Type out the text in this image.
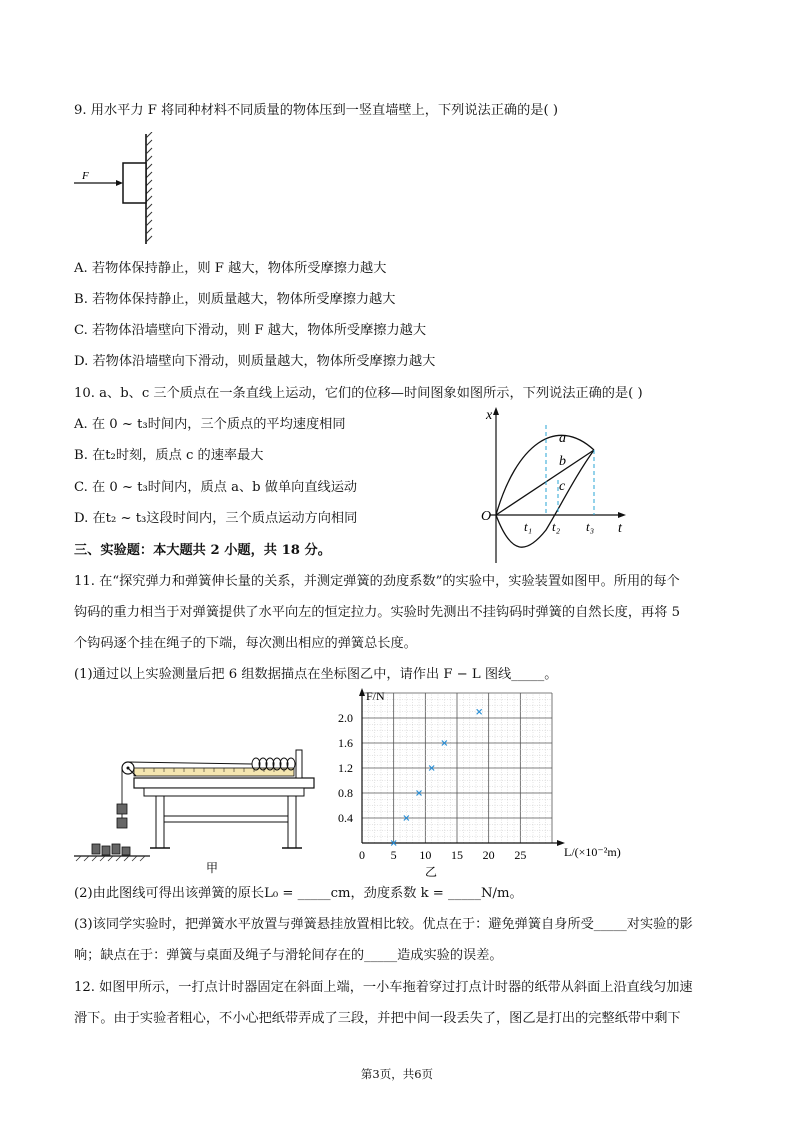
9. 用水平力 F 将同种材料不同质量的物体压到一竖直墙壁上，下列说法正确的是( )
F
A. 若物体保持静止，则 F 越大，物体所受摩擦力越大
B. 若物体保持静止，则质量越大，物体所受摩擦力越大
C. 若物体沿墙壁向下滑动，则 F 越大，物体所受摩擦力越大
D. 若物体沿墙壁向下滑动，则质量越大，物体所受摩擦力越大
10. a、b、c 三个质点在一条直线上运动，它们的位移—时间图象如图所示，下列说法正确的是( )
A. 在 0 ~ t₃时间内，三个质点的平均速度相同
B. 在t₂时刻，质点 c 的速率最大
C. 在 0 ~ t₃时间内，质点 a、b 做单向直线运动
D. 在t₂ ~ t₃这段时间内，三个质点运动方向相同
x
t
O
a
b
c
t₁ t₂ t₃
三、实验题：本大题共 2 小题，共 18 分。
11. 在“探究弹力和弹簧伸长量的关系，并测定弹簧的劲度系数”的实验中，实验装置如图甲。所用的每个
钩码的重力相当于对弹簧提供了水平向左的恒定拉力。实验时先测出不挂钩码时弹簧的自然长度，再将 5
个钩码逐个挂在绳子的下端，每次测出相应的弹簧总长度。
(1)通过以上实验测量后把 6 组数据描点在坐标图乙中，请作出 F − L 图线_____。
甲
0 5 10 15 20 25
0.4
0.8
1.2
1.6
2.0
F/N
L/(×10⁻²m)
乙
(2)由此图线可得出该弹簧的原长L₀ = _____cm，劲度系数 k = _____N/m。
(3)该同学实验时，把弹簧水平放置与弹簧悬挂放置相比较。优点在于：避免弹簧自身所受_____对实验的影
响；缺点在于：弹簧与桌面及绳子与滑轮间存在的_____造成实验的误差。
12. 如图甲所示，一打点计时器固定在斜面上端，一小车拖着穿过打点计时器的纸带从斜面上沿直线匀加速
滑下。由于实验者粗心，不小心把纸带弄成了三段，并把中间一段丢失了，图乙是打出的完整纸带中剩下
第3页，共6页
